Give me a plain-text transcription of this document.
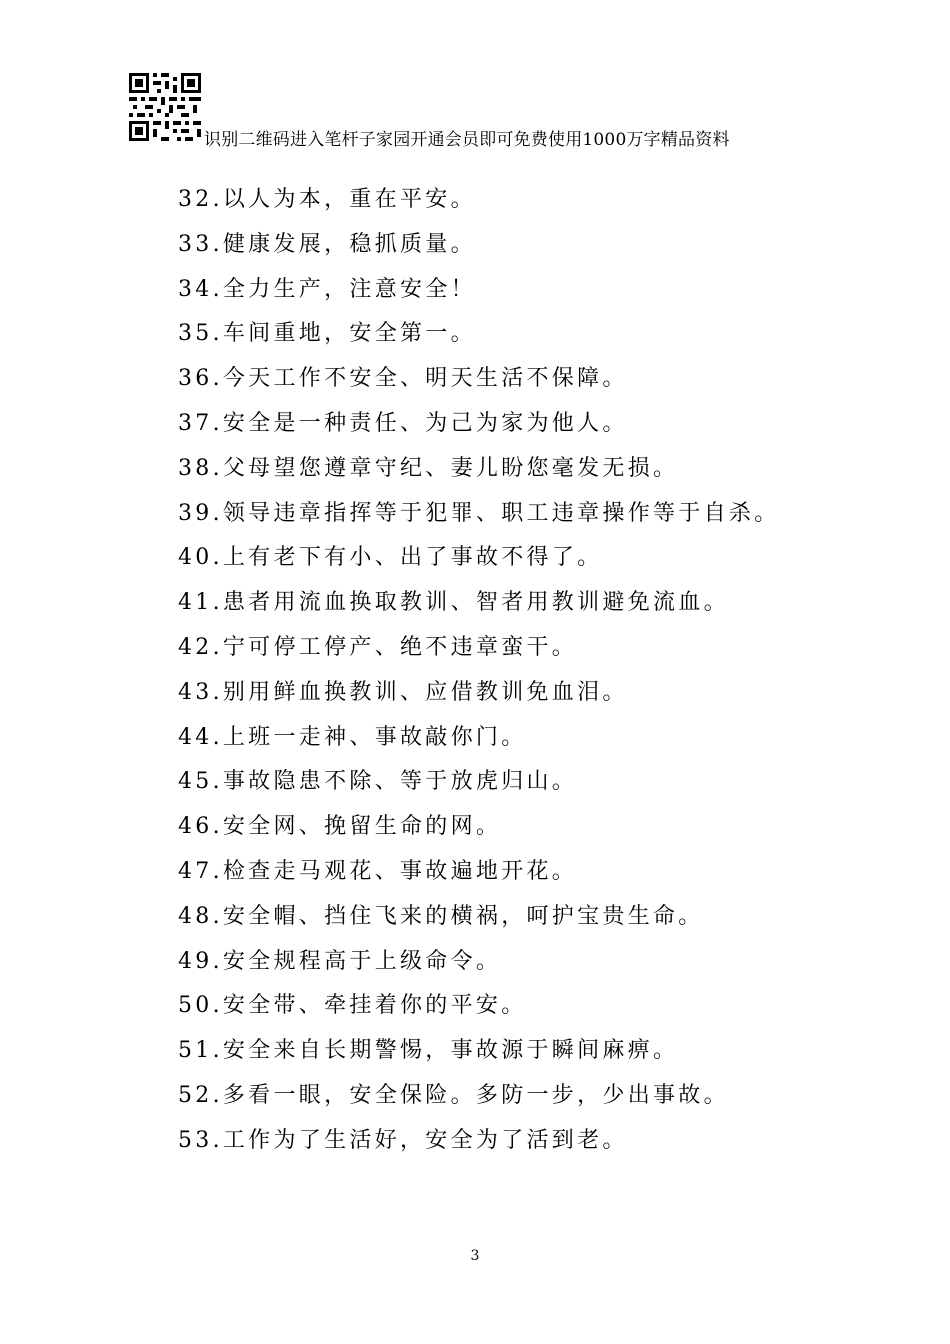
识别二维码进入笔杆子家园开通会员即可免费使用1000万字精品资料
32.以人为本，重在平安。
33.健康发展，稳抓质量。
34.全力生产，注意安全！
35.车间重地，安全第一。
36.今天工作不安全、明天生活不保障。
37.安全是一种责任、为己为家为他人。
38.父母望您遵章守纪、妻儿盼您毫发无损。
39.领导违章指挥等于犯罪、职工违章操作等于自杀。
40.上有老下有小、出了事故不得了。
41.患者用流血换取教训、智者用教训避免流血。
42.宁可停工停产、绝不违章蛮干。
43.别用鲜血换教训、应借教训免血泪。
44.上班一走神、事故敲你门。
45.事故隐患不除、等于放虎归山。
46.安全网、挽留生命的网。
47.检查走马观花、事故遍地开花。
48.安全帽、挡住飞来的横祸，呵护宝贵生命。
49.安全规程高于上级命令。
50.安全带、牵挂着你的平安。
51.安全来自长期警惕，事故源于瞬间麻痹。
52.多看一眼，安全保险。多防一步，少出事故。
53.工作为了生活好，安全为了活到老。
3
